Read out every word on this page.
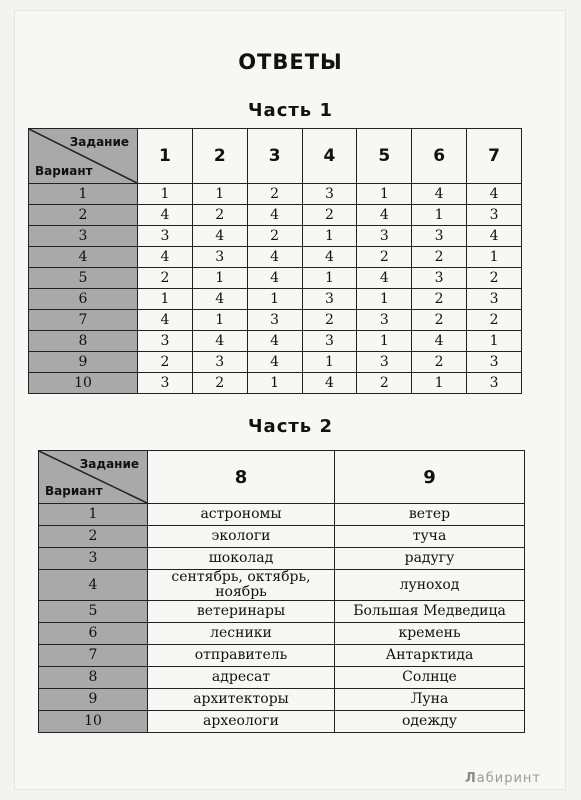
ОТВЕТЫ
Часть 1
Задание
Вариант	1	2	3	4	5	6	7
1	1	1	2	3	1	4	4
2	4	2	4	2	4	1	3
3	3	4	2	1	3	3	4
4	4	3	4	4	2	2	1
5	2	1	4	1	4	3	2
6	1	4	1	3	1	2	3
7	4	1	3	2	3	2	2
8	3	4	4	3	1	4	1
9	2	3	4	1	3	2	3
10	3	2	1	4	2	1	3
Часть 2
Задание
Вариант	8	9
1	астрономы	ветер
2	экологи	туча
3	шоколад	радугу
4	сентябрь, октябрь, ноябрь	луноход
5	ветеринары	Большая Медведица
6	лесники	кремень
7	отправитель	Антарктида
8	адресат	Солнце
9	архитекторы	Луна
10	археологи	одежду
Лабиринт
